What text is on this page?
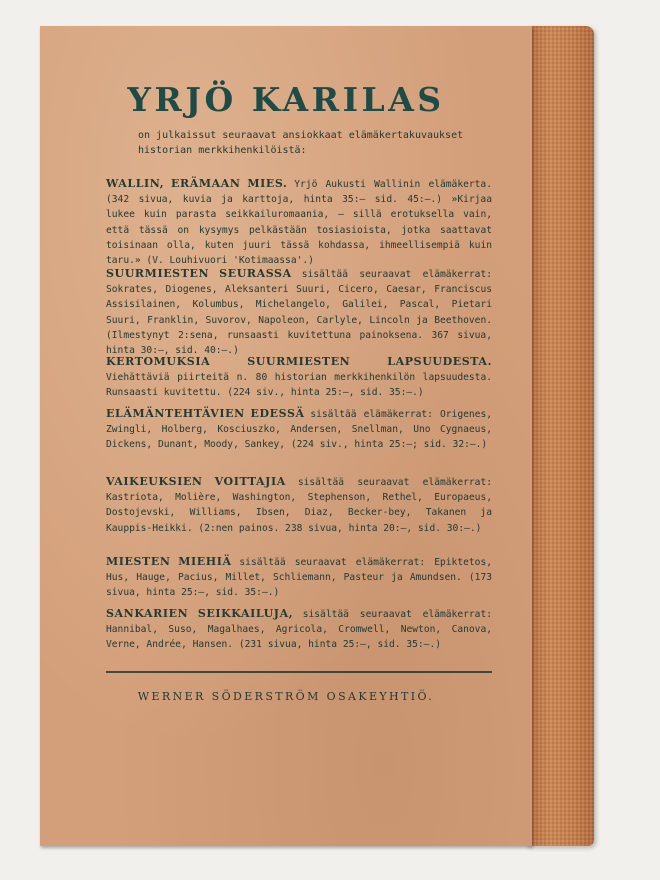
YRJÖ KARILAS

on julkaissut seuraavat ansiokkaat elämäkertakuvaukset historian merkkihenkilöistä:

WALLIN, ERÄMAAN MIES. Yrjö Aukusti Wallinin elämäkerta. (342 sivua, kuvia ja karttoja, hinta 35:— sid. 45:—.) »Kirjaa lukee kuin parasta seikkailuromaania, — sillä erotuksella vain, että tässä on kysymys pelkästään tosiasioista, jotka saattavat toisinaan olla, kuten juuri tässä kohdassa, ihmeellisempiä kuin taru.» (V. Louhivuori 'Kotimaassa'.)

SUURMIESTEN SEURASSA sisältää seuraavat elämäkerrat: Sokrates, Diogenes, Aleksanteri Suuri, Cicero, Caesar, Franciscus Assisilainen, Kolumbus, Michelangelo, Galilei, Pascal, Pietari Suuri, Franklin, Suvorov, Napoleon, Carlyle, Lincoln ja Beethoven. (Ilmestynyt 2:sena, runsaasti kuvitettuna painoksena. 367 sivua, hinta 30:—, sid. 40:—.)

KERTOMUKSIA SUURMIESTEN LAPSUUDESTA. Viehättäviä piirteitä n. 80 historian merkkihenkilön lapsuudesta. Runsaasti kuvitettu. (224 siv., hinta 25:—, sid. 35:—.)

ELÄMÄNTEHTÄVIEN EDESSÄ sisältää elämäkerrat: Origenes, Zwingli, Holberg, Kosciuszko, Andersen, Snellman, Uno Cygnaeus, Dickens, Dunant, Moody, Sankey, (224 siv., hinta 25:—; sid. 32:—.)

VAIKEUKSIEN VOITTAJIA sisältää seuraavat elämäkerrat: Kastriota, Molière, Washington, Stephenson, Rethel, Europaeus, Dostojevski, Williams, Ibsen, Diaz, Becker-bey, Takanen ja Kauppis-Heikki. (2:nen painos. 238 sivua, hinta 20:—, sid. 30:—.)

MIESTEN MIEHIÄ sisältää seuraavat elämäkerrat: Epiktetos, Hus, Hauge, Pacius, Millet, Schliemann, Pasteur ja Amundsen. (173 sivua, hinta 25:—, sid. 35:—.)

SANKARIEN SEIKKAILUJA, sisältää seuraavat elämäkerrat: Hannibal, Suso, Magalhaes, Agricola, Cromwell, Newton, Canova, Verne, Andrée, Hansen. (231 sivua, hinta 25:—, sid. 35:—.)

WERNER SÖDERSTRÖM OSAKEYHTIÖ.
